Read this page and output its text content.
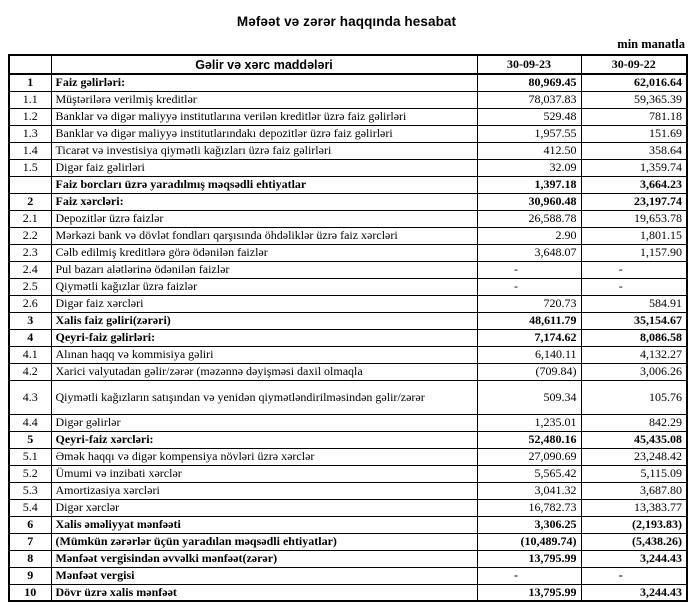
Məfəət və zərər haqqında hesabat
min manatla
	Gəlir və xərc maddələri	30-09-23	30-09-22
1	Faiz gəlirləri:	80,969.45	62,016.64
1.1	Müştərilərə verilmiş kreditlər	78,037.83	59,365.39
1.2	Banklar və digər maliyyə institutlarına verilən kreditlər üzrə faiz gəlirləri	529.48	781.18
1.3	Banklar və digər maliyyə institutlarındakı depozitlər üzrə faiz gəlirləri	1,957.55	151.69
1.4	Ticarət və investisiya qiymətli kağızları üzrə faiz gəlirləri	412.50	358.64
1.5	Digər faiz gəlirləri	32.09	1,359.74
	Faiz borcları üzrə yaradılmış məqsədli ehtiyatlar	1,397.18	3,664.23
2	Faiz xərcləri:	30,960.48	23,197.74
2.1	Depozitlər üzrə faizlər	26,588.78	19,653.78
2.2	Mərkəzi bank və dövlət fondları qarşısında öhdəliklər üzrə faiz xərcləri	2.90	1,801.15
2.3	Cəlb edilmiş kreditlərə görə ödənilən faizlər	3,648.07	1,157.90
2.4	Pul bazarı alətlərinə ödənilən faizlər	-	-
2.5	Qiymətli kağızlar üzrə faizlər	-	-
2.6	Digər faiz xərcləri	720.73	584.91
3	Xalis faiz gəliri(zərəri)	48,611.79	35,154.67
4	Qeyri-faiz gəlirləri:	7,174.62	8,086.58
4.1	Alınan haqq və kommisiya gəliri	6,140.11	4,132.27
4.2	Xarici valyutadan gəlir/zərər (məzənnə dəyişməsi daxil olmaqla	(709.84)	3,006.26
4.3	Qiymətli kağızların satışından və yenidən qiymətləndirilməsindən gəlir/zərər	509.34	105.76
4.4	Digər gəlirlər	1,235.01	842.29
5	Qeyri-faiz xərcləri:	52,480.16	45,435.08
5.1	Əmək haqqı və digər kompensiya növləri üzrə xərclər	27,090.69	23,248.42
5.2	Ümumi və inzibati xərclər	5,565.42	5,115.09
5.3	Amortizasiya xərcləri	3,041.32	3,687.80
5.4	Digər xərclər	16,782.73	13,383.77
6	Xalis əməliyyat mənfəəti	3,306.25	(2,193.83)
7	(Mümkün zərərlər üçün yaradılan məqsədli ehtiyatlar)	(10,489.74)	(5,438.26)
8	Mənfəət vergisindən əvvəlki mənfəət(zərər)	13,795.99	3,244.43
9	Mənfəət vergisi	-	-
10	Dövr üzrə xalis mənfəət	13,795.99	3,244.43
